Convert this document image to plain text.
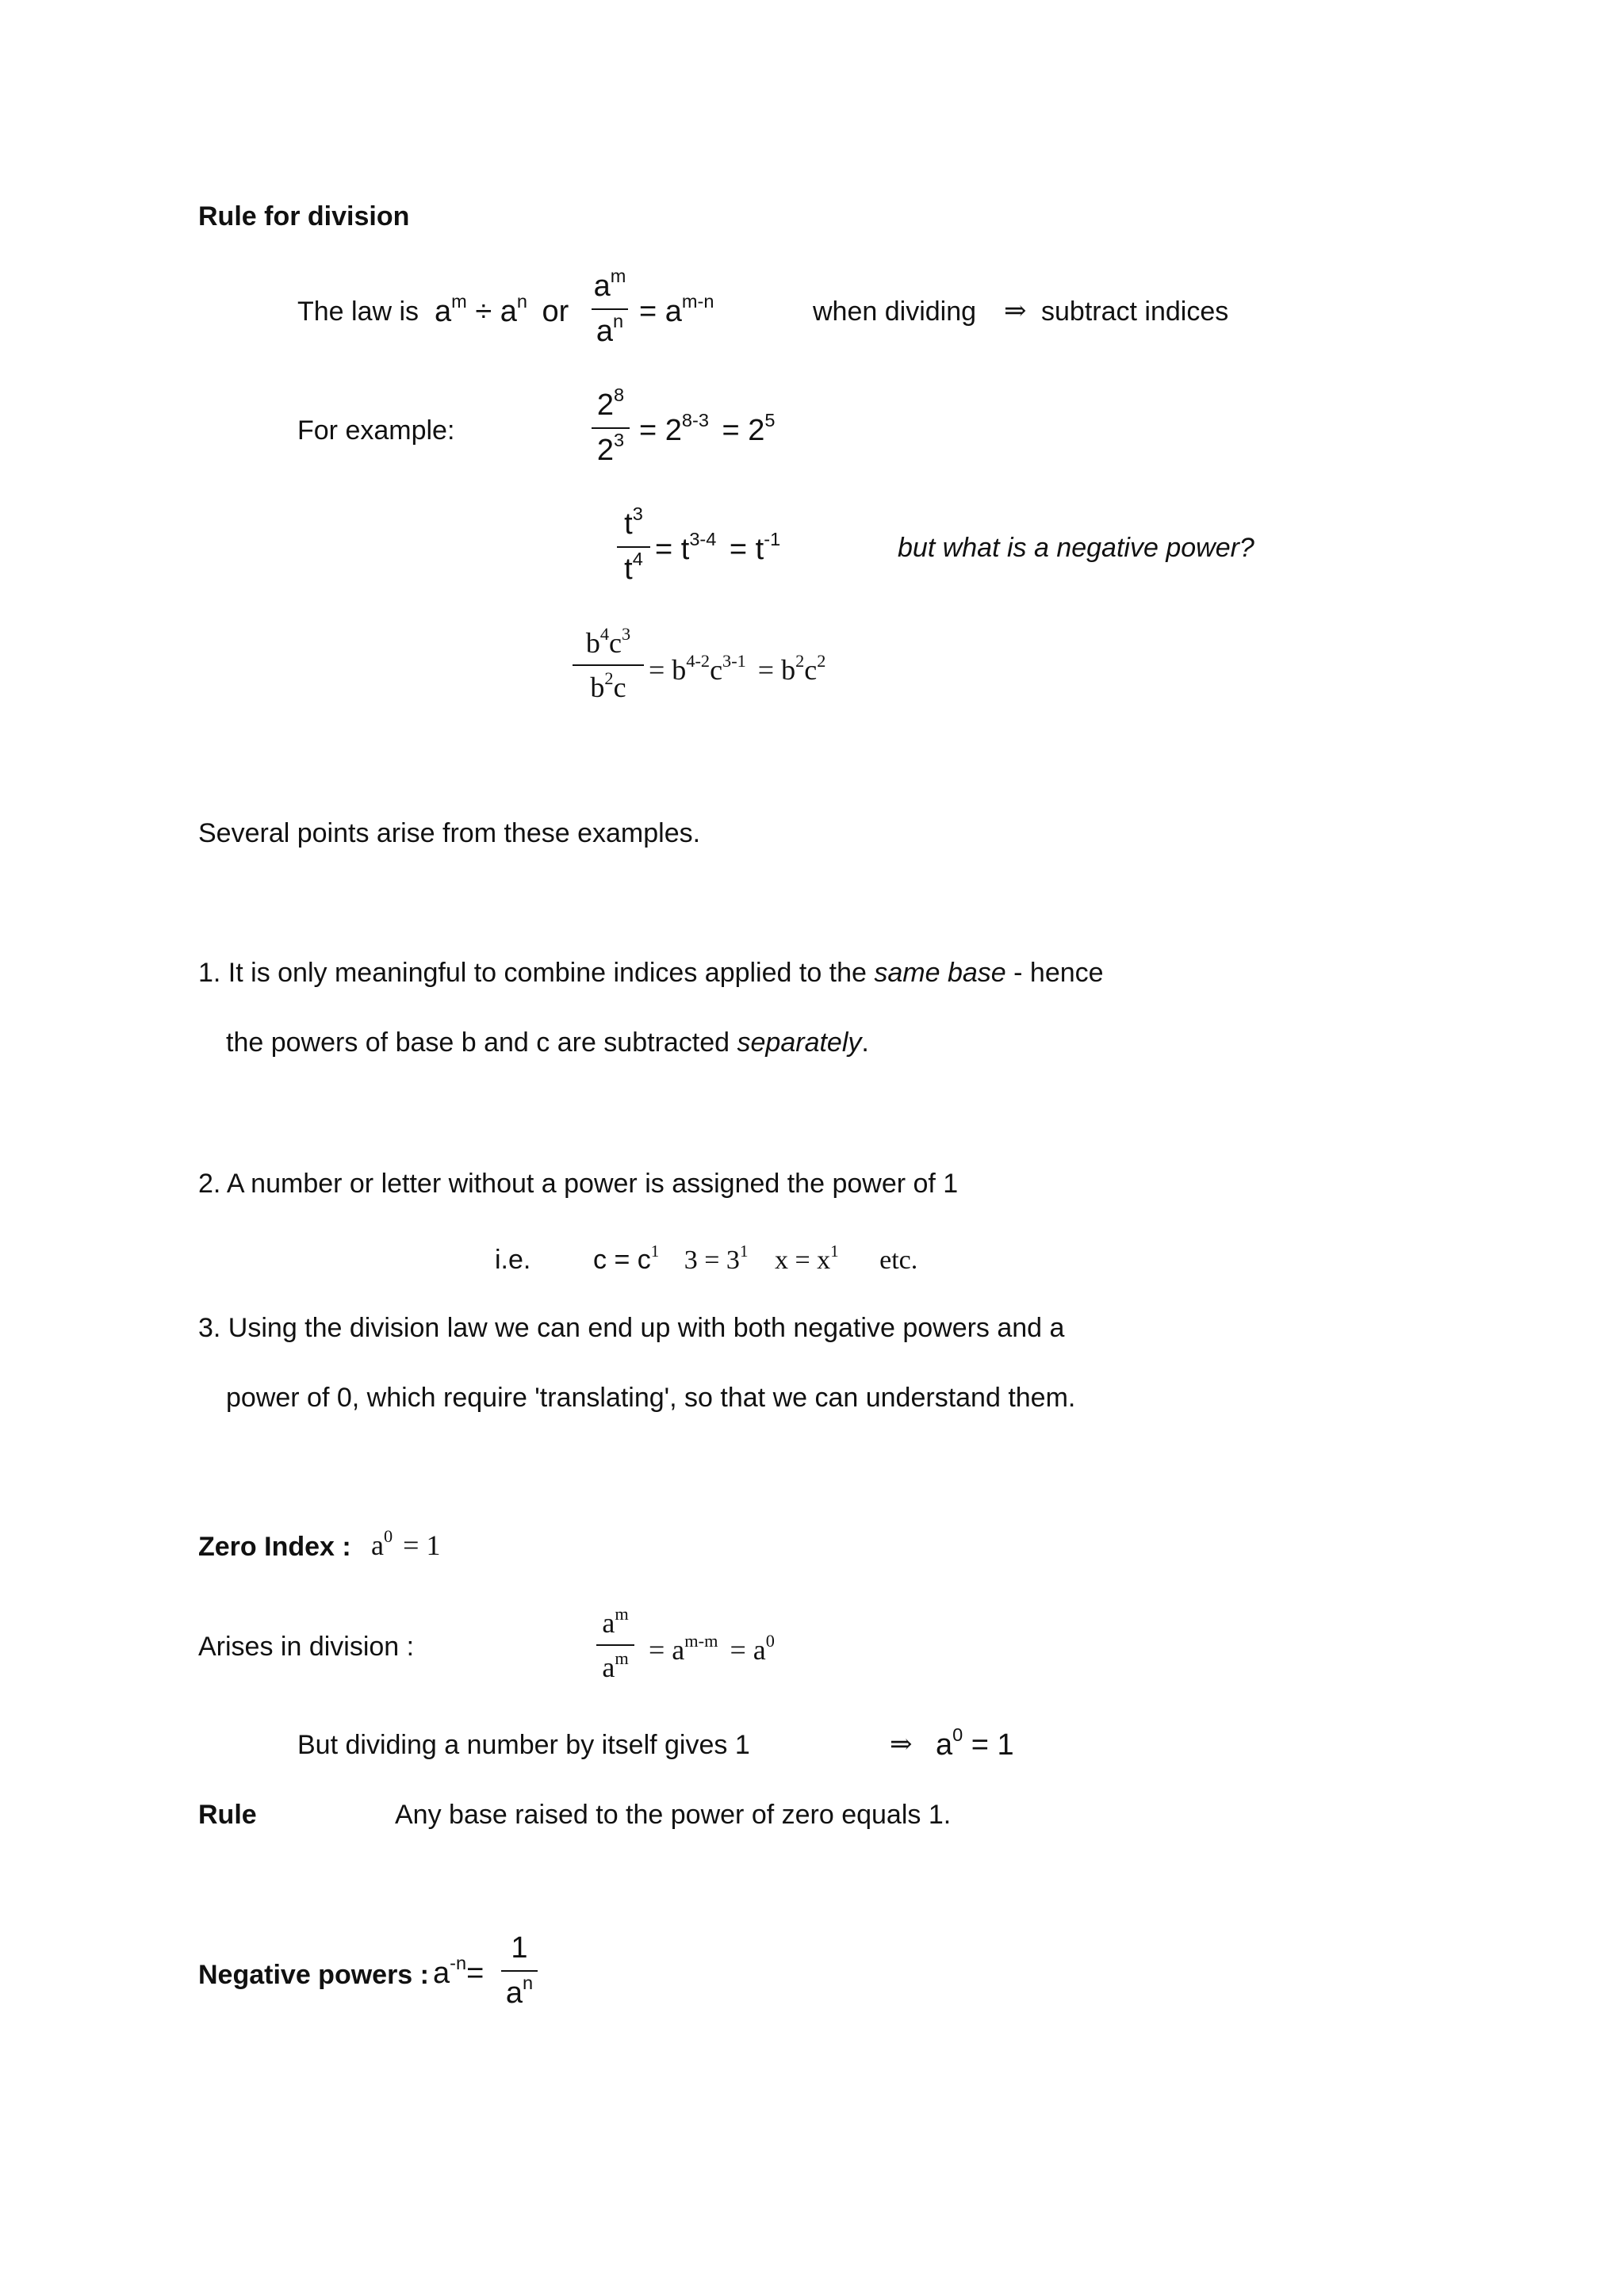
Rule for division
The law is $a^m \div a^n$ or
$a^m$
$a^n = a^{m-n}$	when dividing ⇒ subtract indices
For example:
$2^8$
$2^3 = 2^{8-3} = 2^5$
$t^3$
$t^4 = t^{3-4} = t^{-1}$	but what is a negative power?
$b^4c^3$
$b^2c$
= $b^{4-2}c^{3-1} = b^2c^2$
Several points arise from these examples.
1. It is only meaningful to combine indices applied to the same base - hence
the powers of base b and c are subtracted separately.
2. A number or letter without a power is assigned the power of 1
i.e. $c = c^1$ $3 = 3^1$ $x = x^1$ etc.
3. Using the division law we can end up with both negative powers and a
power of 0, which require 'translating', so that we can understand them.
Zero Index : $a^0 = 1$
Arises in division :
$a^m$
$a^m = a^{m-m} = a^0$
But dividing a number by itself gives 1	⇒ $a^0 = 1$
Rule	Any base raised to the power of zero equals 1.
Negative powers : $a^{-n}=$
1
$a^n$
